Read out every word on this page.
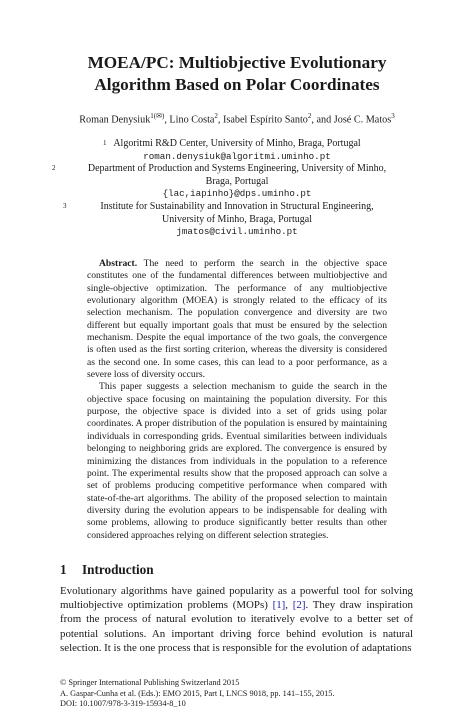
MOEA/PC: Multiobjective Evolutionary
Algorithm Based on Polar Coordinates
Roman Denysiuk$^{1(✉)}$, Lino Costa$^2$, Isabel Espírito Santo$^2$, and José C. Matos$^3$
1 Algoritmi R&D Center, University of Minho, Braga, Portugal
roman.denysiuk@algoritmi.uminho.pt
2	Department of Production and Systems Engineering, University of Minho,
Braga, Portugal
{lac,iapinho}@dps.uminho.pt
3	Institute for Sustainability and Innovation in Structural Engineering,
University of Minho, Braga, Portugal
jmatos@civil.uminho.pt

Abstract. The need to perform the search in the objective space constitutes one of the fundamental differences between multiobjective and single-objective optimization. The performance of any multiobjective evolutionary algorithm (MOEA) is strongly related to the efficacy of its selection mechanism. The population convergence and diversity are two different but equally important goals that must be ensured by the selection mechanism. Despite the equal importance of the two goals, the convergence is often used as the first sorting criterion, whereas the diversity is considered as the second one. In some cases, this can lead to a poor performance, as a severe loss of diversity occurs.

This paper suggests a selection mechanism to guide the search in the objective space focusing on maintaining the population diversity. For this purpose, the objective space is divided into a set of grids using polar coordinates. A proper distribution of the population is ensured by maintaining individuals in corresponding grids. Eventual similarities between individuals belonging to neighboring grids are explored. The convergence is ensured by minimizing the distances from individuals in the population to a reference point. The experimental results show that the proposed approach can solve a set of problems producing competitive performance when compared with state-of-the-art algorithms. The ability of the proposed selection to maintain diversity during the evolution appears to be indispensable for dealing with some problems, allowing to produce significantly better results than other considered approaches relying on different selection strategies.

1 Introduction

Evolutionary algorithms have gained popularity as a powerful tool for solving multiobjective optimization problems (MOPs) [1], [2]. They draw inspiration from the process of natural evolution to iteratively evolve to a better set of potential solutions. An important driving force behind evolution is natural selection. It is the one process that is responsible for the evolution of adaptations

© Springer International Publishing Switzerland 2015
A. Gaspar-Cunha et al. (Eds.): EMO 2015, Part I, LNCS 9018, pp. 141–155, 2015.
DOI: 10.1007/978-3-319-15934-8_10
